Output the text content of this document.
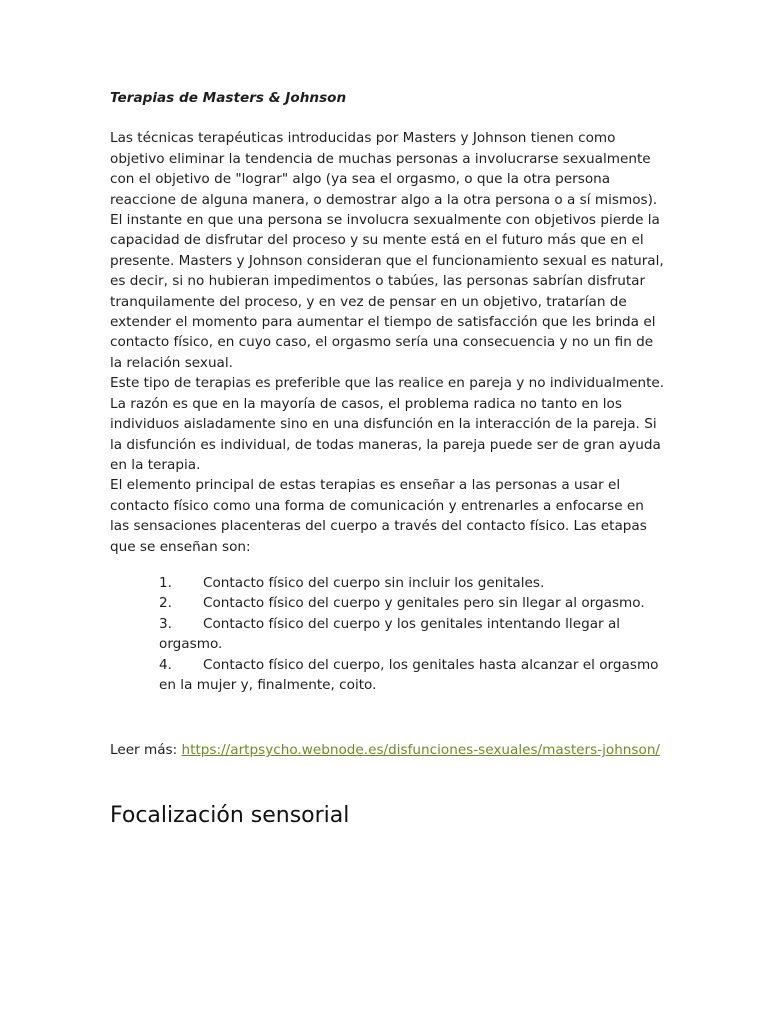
Terapias de Masters & Johnson

Las técnicas terapéuticas introducidas por Masters y Johnson tienen como objetivo eliminar la tendencia de muchas personas a involucrarse sexualmente con el objetivo de "lograr" algo (ya sea el orgasmo, o que la otra persona reaccione de alguna manera, o demostrar algo a la otra persona o a sí mismos). El instante en que una persona se involucra sexualmente con objetivos pierde la capacidad de disfrutar del proceso y su mente está en el futuro más que en el presente. Masters y Johnson consideran que el funcionamiento sexual es natural, es decir, si no hubieran impedimentos o tabúes, las personas sabrían disfrutar tranquilamente del proceso, y en vez de pensar en un objetivo, tratarían de extender el momento para aumentar el tiempo de satisfacción que les brinda el contacto físico, en cuyo caso, el orgasmo sería una consecuencia y no un fin de la relación sexual.

Este tipo de terapias es preferible que las realice en pareja y no individualmente. La razón es que en la mayoría de casos, el problema radica no tanto en los individuos aisladamente sino en una disfunción en la interacción de la pareja. Si la disfunción es individual, de todas maneras, la pareja puede ser de gran ayuda en la terapia.

El elemento principal de estas terapias es enseñar a las personas a usar el contacto físico como una forma de comunicación y entrenarles a enfocarse en las sensaciones placenteras del cuerpo a través del contacto físico. Las etapas que se enseñan son:

1. Contacto físico del cuerpo sin incluir los genitales.
2. Contacto físico del cuerpo y genitales pero sin llegar al orgasmo.
3. Contacto físico del cuerpo y los genitales intentando llegar al orgasmo.
4. Contacto físico del cuerpo, los genitales hasta alcanzar el orgasmo en la mujer y, finalmente, coito.

Leer más: https://artpsycho.webnode.es/disfunciones-sexuales/masters-johnson/

Focalización sensorial
